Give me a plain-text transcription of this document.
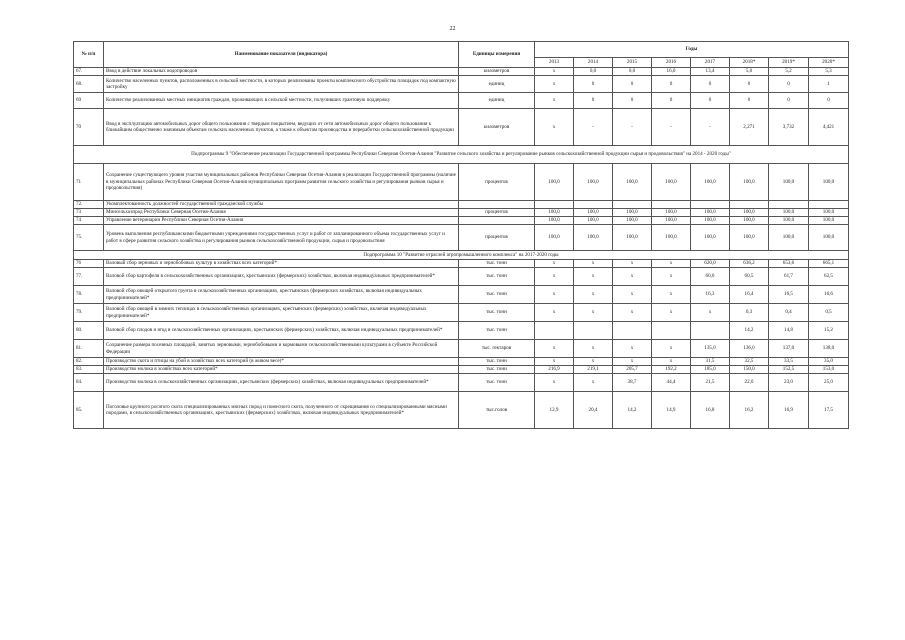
22
№ п/п	Наименование показателя (индикатора)	Единицы измерения	Годы							
			2013	2014	2015	2016	2017	2018*	2019*	2020*
67.	Ввод в действие локальных водопроводов	километров	x	0,0	0,0	16,0	13,4	5,0	5,2	5,3
68.	Количество населенных пунктов, расположенных в сельской местности, в которых реализованы проекты комплексного обустройства площадок под компактную застройку	единиц	x	0	0	0	0	0	0	1
69	Количество реализованных местных инициатив граждан, проживающих в сельской местности, получивших грантовую поддержку	единиц	x	0	0	0	0	0	0	0
70	Ввод в эксплуатацию автомобильных дорог общего пользования с твердым покрытием, ведущих от сети автомобильных дорог общего пользования к ближайшим общественно значимым объектам сельских населенных пунктов, а также к объектам производства и переработки сельскохозяйственной продукции	километров	x	-	-	-	-	2,271	3,732	4,421
Подпрограммы 9 "Обеспечение реализации Государственной программы Республики Северная Осетия-Алания "Развитие сельского хозяйства и регулирование рынков сельскохозяйственной продукции сырья и продовольствия" на 2014 - 2020 годы"										
71	Сохранение существующего уровня участия муниципальных районов Республики Северная Осетия-Алания в реализации Государственной программы (наличие в муниципальных районах Республики Северная Осетия-Алания муниципальных программ развития сельского хозяйства и регулирования рынков сырья и продовольствия)	процентов	100,0	100,0	100,0	100,0	100,0	100,0	100,0	100,0
72.	Укомплектованность должностей государственной гражданской службы									
73	Минсельхозпрод Республики Северная Осетия-Алания	процентов	100,0	100,0	100,0	100,0	100,0	100,0	100,0	100,0
74	Управление ветеринарии Республики Северная Осетия-Алания		100,0	100,0	100,0	100,0	100,0	100,0	100,0	100,0
75.	Уровень выполнения республиканскими бюджетными учреждениями государственных услуг и работ от запланированного объема государственных услуг и работ в сфере развития сельского хозяйства и регулирования рынков сельскохозяйственной продукции, сырья и продовольствия	процентов	100,0	100,0	100,0	100,0	100,0	100,0	100,0	100,0
Подпрограмма 10 "Развитие отраслей агропромышленного комплекса" на 2017-2020 годы										
76	Валовый сбор зерновых и зернобобовых культур в хозяйствах всех категорий*	тыс. тонн	x	x	x	x	620,0	636,2	653,6	665,1
77.	Валовой сбор картофеля в сельскохозяйственных организациях, крестьянских (фермерских) хозяйствах, включая индивидуальных предпринимателей*	тыс. тонн	x	x	x	x	60,0	60,5	61,7	62,5
78.	Валовой сбор овощей открытого грунта в сельскохозяйственных организациях, крестьянских (фермерских хозяйствах, включая индивидуальных предпринимателей*	тыс. тонн	x	x	x	x	16,3	16,4	16,5	16,6
79.	Валовой сбор овощей в зимних теплицах в сельскохозяйственных организациях, крестьянских (фермерских) хозяйствах, включая индивидуальных предпринимателей*	тыс. тонн	x	x	x	x	x	0,3	0,4	0,5
80.	Валовой сбор плодов и ягод в сельскохозяйственных организациях, крестьянских (фермерских) хозяйствах, включая индивидуальных предпринимателей*	тыс. тонн						14,2	14,8	15,2
81.	Сохранение размера посевных площадей, занятых зерновыми, зернобобовыми и кормовыми сельскохозяйственными культурами в субъекте Российской Федерации	тыс. гектаров	x	x	x	x	135,0	136,0	137,0	138,0
82.	Производство скота и птицы на убой в хозяйствах всех категорий (в живом весе)*	тыс. тонн	x	x	x	x	31,5	32,5	33,5	35,0
83.	Производство молока в хозяйствах всех категорий*	тыс. тонн	216,9	219,1	205,7	192,2	185,0	150,0	152,5	153,0
84.	Производство молока в сельскохозяйственных организациях, крестьянских (фермерских) хозяйствах, включая индивидуальных предпринимателей*	тыс. тонн	x	x	38,7	44,4	21,5	22,0	23,0	25,0
85.	Поголовье крупного рогатого скота специализированных мясных пород и помесного скота, полученного от скрещивания со специализированными мясными породами, в сельскохозяйственных организациях, крестьянских (фермерских) хозяйствах, включая индивидуальных предпринимателей*	тыс.голов	12,9	20,4	14,2	14,9	16,8	16,2	16,9	17,5
